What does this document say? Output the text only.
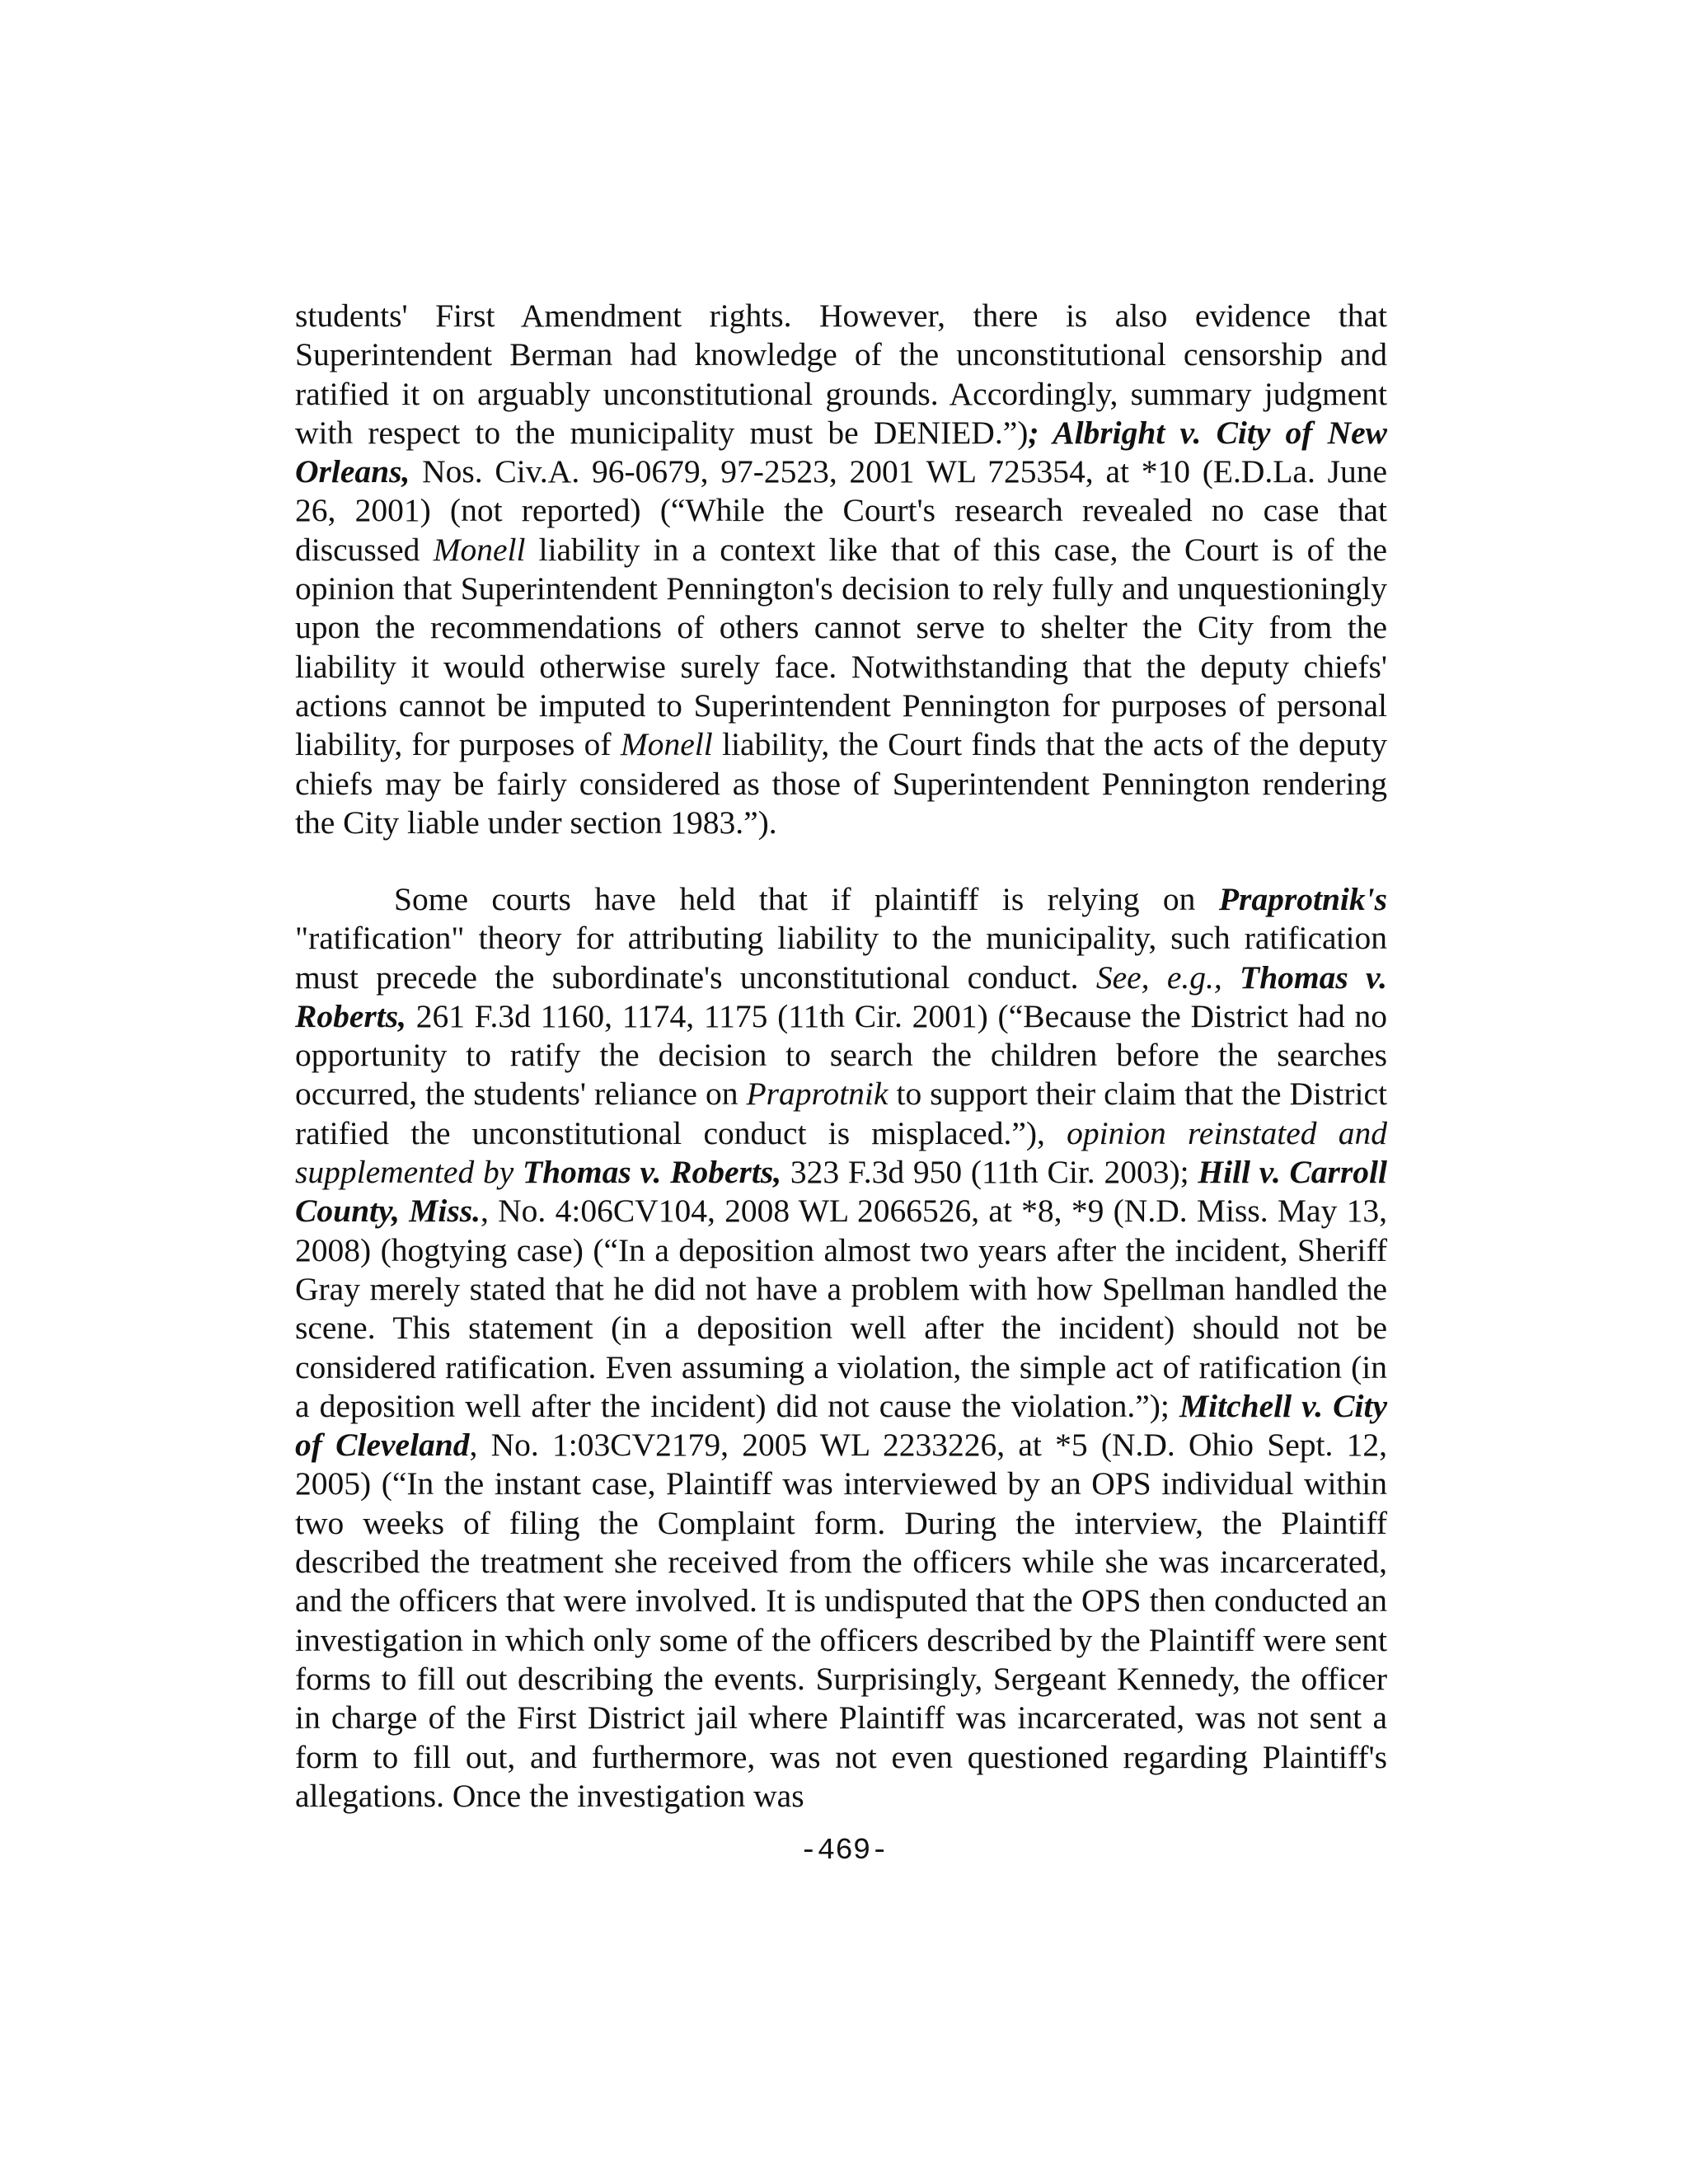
students' First Amendment rights. However, there is also evidence that Superintendent Berman had knowledge of the unconstitutional censorship and ratified it on arguably unconstitutional grounds. Accordingly, summary judgment with respect to the municipality must be DENIED.”); Albright v. City of New Orleans, Nos. Civ.A. 96-0679, 97-2523, 2001 WL 725354, at *10 (E.D.La. June 26, 2001) (not reported) (“While the Court's research revealed no case that discussed Monell liability in a context like that of this case, the Court is of the opinion that Superintendent Pennington's decision to rely fully and unquestioningly upon the recommendations of others cannot serve to shelter the City from the liability it would otherwise surely face. Notwithstanding that the deputy chiefs' actions cannot be imputed to Superintendent Pennington for purposes of personal liability, for purposes of Monell liability, the Court finds that the acts of the deputy chiefs may be fairly considered as those of Superintendent Pennington rendering the City liable under section 1983.”).

Some courts have held that if plaintiff is relying on Praprotnik's "ratification" theory for attributing liability to the municipality, such ratification must precede the subordinate's unconstitutional conduct. See, e.g., Thomas v. Roberts, 261 F.3d 1160, 1174, 1175 (11th Cir. 2001) (“Because the District had no opportunity to ratify the decision to search the children before the searches occurred, the students' reliance on Praprotnik to support their claim that the District ratified the unconstitutional conduct is misplaced.”), opinion reinstated and supplemented by Thomas v. Roberts, 323 F.3d 950 (11th Cir. 2003); Hill v. Carroll County, Miss., No. 4:06CV104, 2008 WL 2066526, at *8, *9 (N.D. Miss. May 13, 2008) (hogtying case) (“In a deposition almost two years after the incident, Sheriff Gray merely stated that he did not have a problem with how Spellman handled the scene. This statement (in a deposition well after the incident) should not be considered ratification. Even assuming a violation, the simple act of ratification (in a deposition well after the incident) did not cause the violation.”); Mitchell v. City of Cleveland, No. 1:03CV2179, 2005 WL 2233226, at *5 (N.D. Ohio Sept. 12, 2005) (“In the instant case, Plaintiff was interviewed by an OPS individual within two weeks of filing the Complaint form. During the interview, the Plaintiff described the treatment she received from the officers while she was incarcerated, and the officers that were involved. It is undisputed that the OPS then conducted an investigation in which only some of the officers described by the Plaintiff were sent forms to fill out describing the events. Surprisingly, Sergeant Kennedy, the officer in charge of the First District jail where Plaintiff was incarcerated, was not sent a form to fill out, and furthermore, was not even questioned regarding Plaintiff's allegations. Once the investigation was

-469-
